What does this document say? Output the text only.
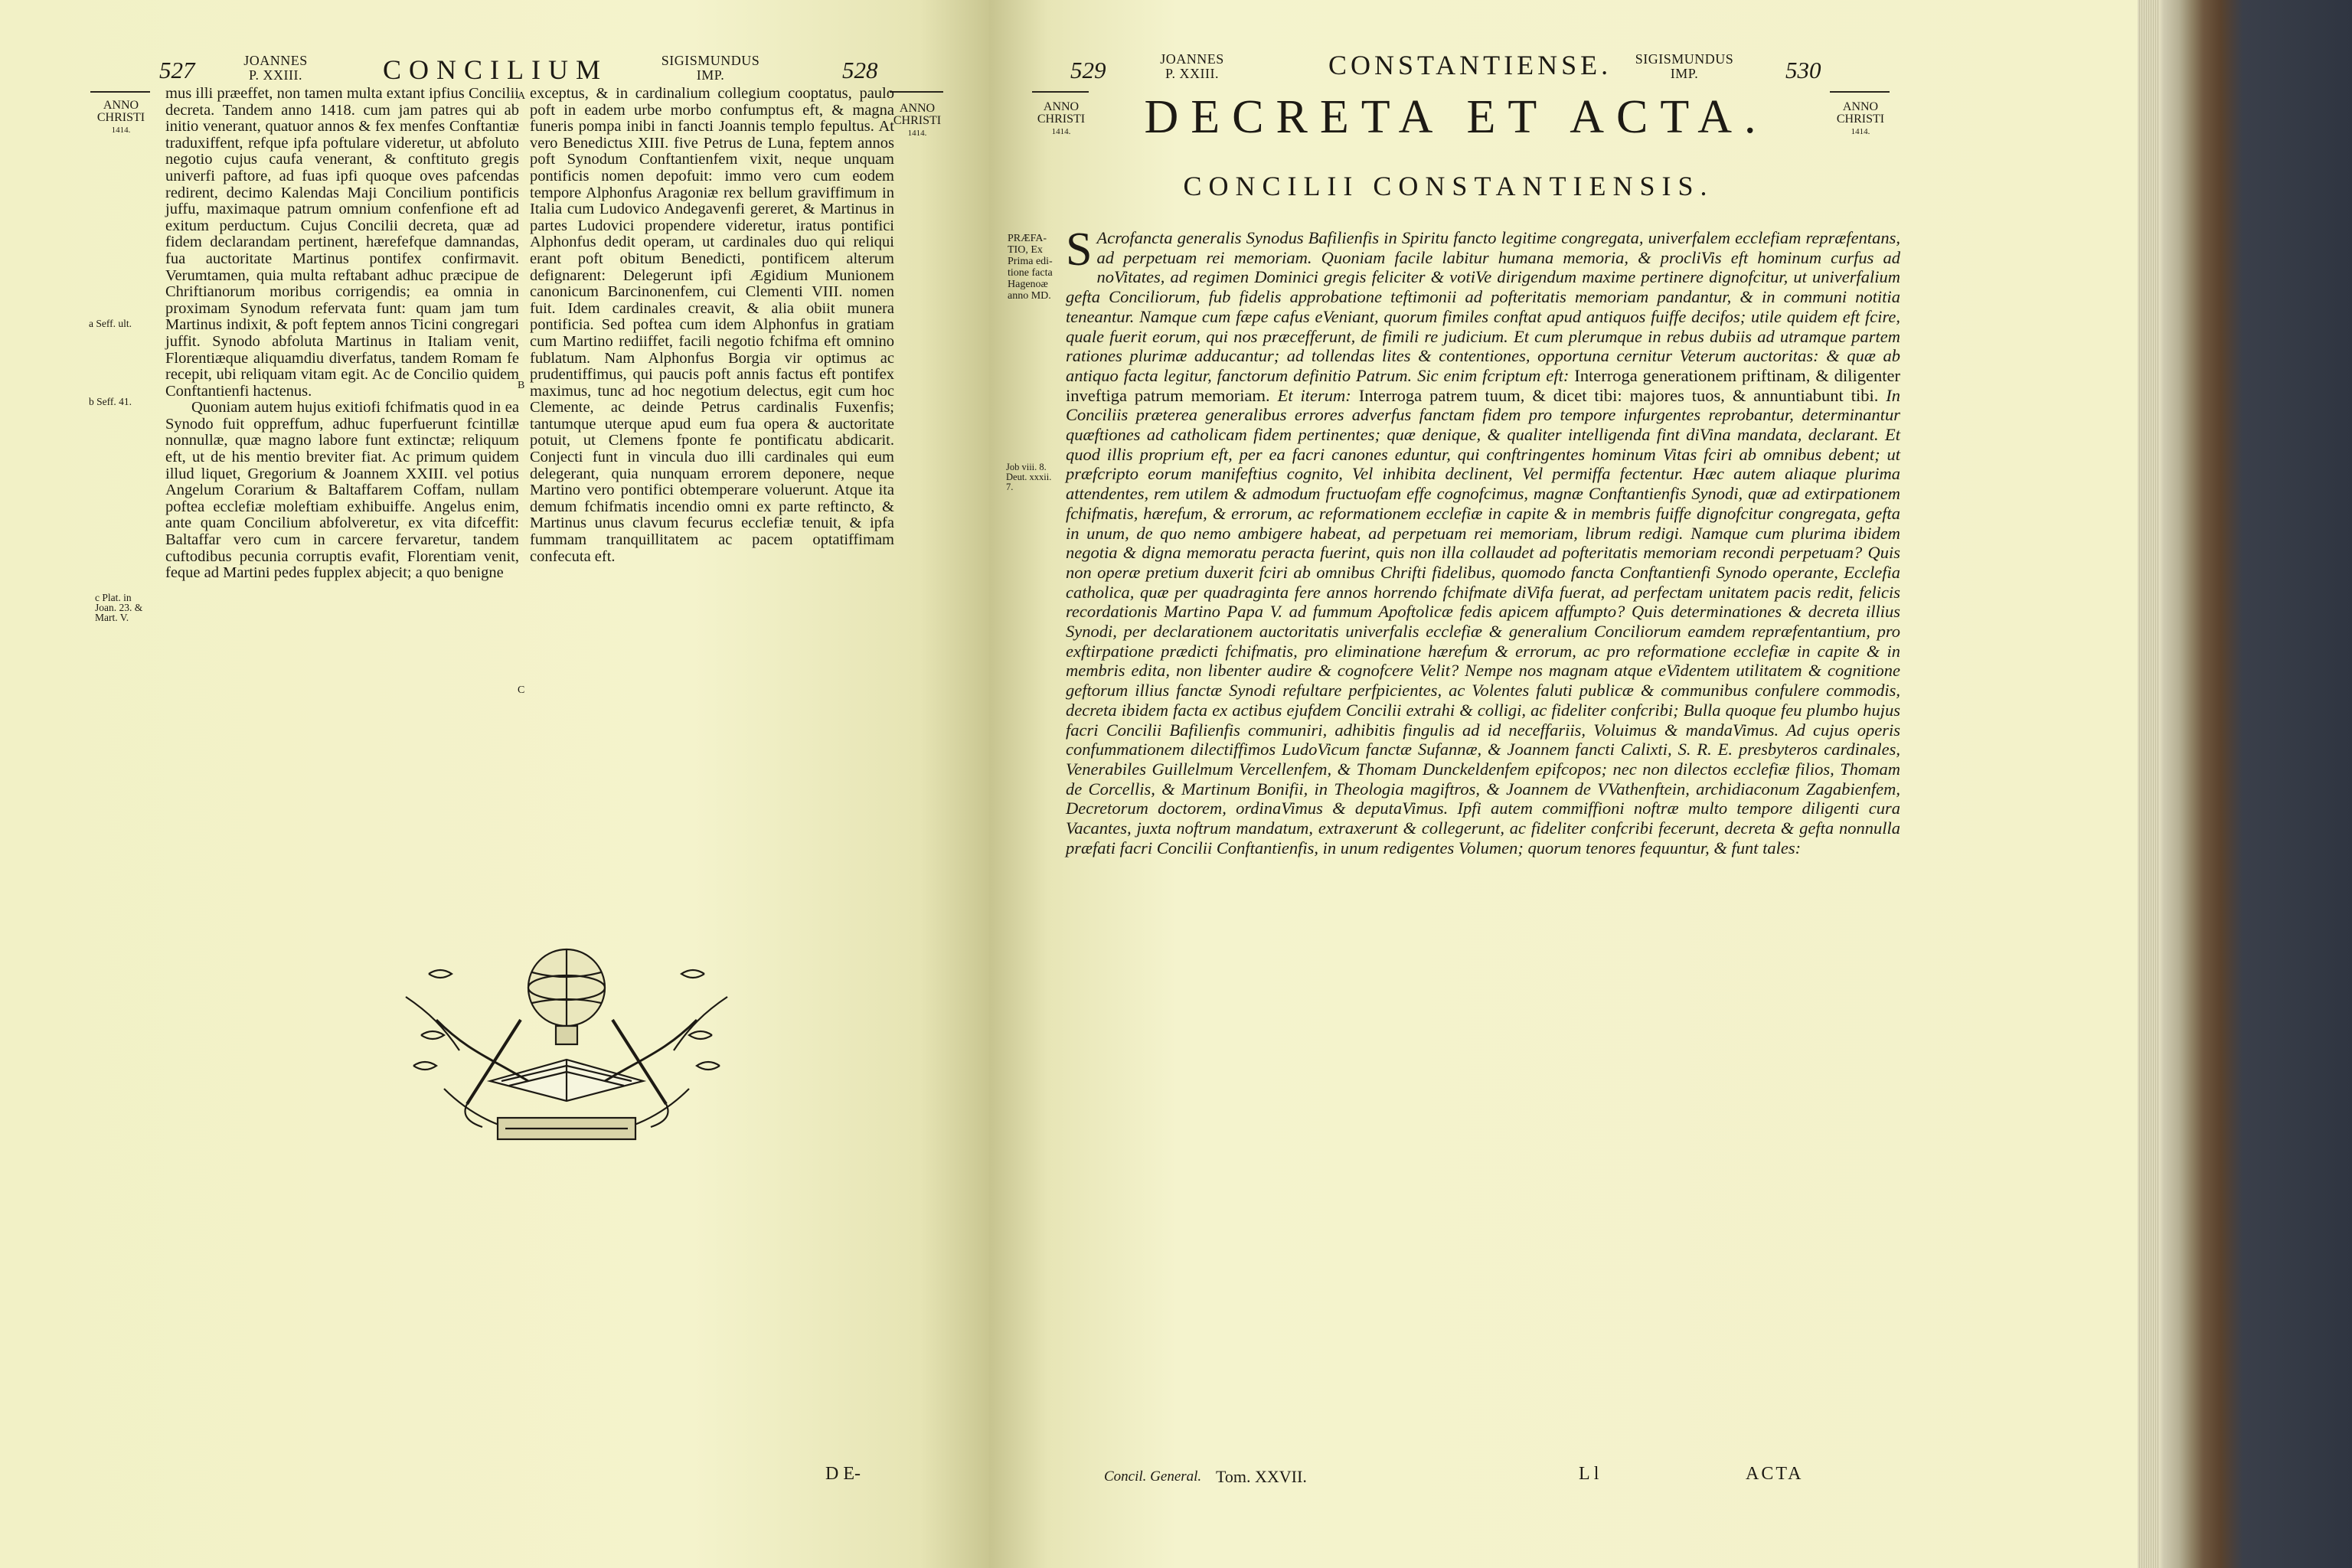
527	JOANNES
P. XXIII.	CONCILIUM	SIGISMUNDUS
IMP.	528
ANNO
CHRISTI
1414.
ANNO
CHRISTI
1414.
a Seff. ult.
b Seff. 41.
c Plat. in
Joan. 23. &
Mart. V.
A
B
C

mus illi præeffet, non tamen multa extant ipfius Concilii decreta. Tandem anno 1418. cum jam patres qui ab initio venerant, quatuor annos & fex menfes Conftantiæ traduxiffent, refque ipfa poftulare videretur, ut abfoluto negotio cujus caufa venerant, & conftituto gregis univerfi paftore, ad fuas ipfi quoque oves pafcendas redirent, decimo Kalendas Maji Concilium pontificis juffu, maximaque patrum omnium confenfione eft ad exitum perductum. Cujus Concilii decreta, quæ ad fidem declarandam pertinent, hærefefque damnandas, fua auctoritate Martinus pontifex confirmavit. Verumtamen, quia multa reftabant adhuc præcipue de Chriftianorum moribus corrigendis; ea omnia in proximam Synodum refervata funt: quam jam tum Martinus indixit, & poft feptem annos Ticini congregari juffit. Synodo abfoluta Martinus in Italiam venit, Florentiæque aliquamdiu diverfatus, tandem Romam fe recepit, ubi reliquam vitam egit. Ac de Concilio quidem Conftantienfi hactenus.

Quoniam autem hujus exitiofi fchifmatis quod in ea Synodo fuit oppreffum, adhuc fuperfuerunt fcintillæ nonnullæ, quæ magno labore funt extinctæ; reliquum eft, ut de his mentio breviter fiat. Ac primum quidem illud liquet, Gregorium & Joannem XXIII. vel potius Angelum Corarium & Baltaffarem Coffam, nullam poftea ecclefiæ moleftiam exhibuiffe. Angelus enim, ante quam Concilium abfolveretur, ex vita difceffit: Baltaffar vero cum in carcere fervaretur, tandem cuftodibus pecunia corruptis evafit, Florentiam venit, feque ad Martini pedes fupplex abjecit; a quo benigne

exceptus, & in cardinalium collegium cooptatus, paulo poft in eadem urbe morbo confumptus eft, & magna funeris pompa inibi in fancti Joannis templo fepultus. At vero Benedictus XIII. five Petrus de Luna, feptem annos poft Synodum Conftantienfem vixit, neque unquam pontificis nomen depofuit: immo vero cum eodem tempore Alphonfus Aragoniæ rex bellum graviffimum in Italia cum Ludovico Andegavenfi gereret, & Martinus in partes Ludovici propendere videretur, iratus pontifici Alphonfus dedit operam, ut cardinales duo qui reliqui erant poft obitum Benedicti, pontificem alterum defignarent: Delegerunt ipfi Ægidium Munionem canonicum Barcinonenfem, cui Clementi VIII. nomen fuit. Idem cardinales creavit, & alia obiit munera pontificia. Sed poftea cum idem Alphonfus in gratiam cum Martino rediiffet, facili negotio fchifma eft omnino fublatum. Nam Alphonfus Borgia vir optimus ac prudentiffimus, qui paucis poft annis factus eft pontifex maximus, tunc ad hoc negotium delectus, egit cum hoc Clemente, ac deinde Petrus cardinalis Fuxenfis; tantumque uterque apud eum fua opera & auctoritate potuit, ut Clemens fponte fe pontificatu abdicarit. Conjecti funt in vincula duo illi cardinales qui eum delegerant, quia nunquam errorem deponere, neque Martino vero pontifici obtemperare voluerunt. Atque ita demum fchifmatis incendio omni ex parte reftincto, & Martinus unus clavum fecurus ecclefiæ tenuit, & ipfa fummam tranquillitatem ac pacem optatiffimam confecuta eft.

D E-
529	JOANNES
P. XXIII.	CONSTANTIENSE.	SIGISMUNDUS
IMP.	530
ANNO
CHRISTI
1414.
ANNO
CHRISTI
1414.
DECRETA ET ACTA.
CONCILII CONSTANTIENSIS.
PRÆFA-
TIO, Ex
Prima edi-
tione facta
Hagenoæ
anno MD.
Job viii. 8.
Deut. xxxii.
7.

S Acrofancta generalis Synodus Bafilienfis in Spiritu fancto legitime congregata, univerfalem ecclefiam repræfentans, ad perpetuam rei memoriam. Quoniam facile labitur humana memoria, & procliVis eft hominum curfus ad noVitates, ad regimen Dominici gregis feliciter & votiVe dirigendum maxime pertinere dignofcitur, ut univerfalium gefta Conciliorum, fub fidelis approbatione teftimonii ad pofteritatis memoriam pandantur, & in communi notitia teneantur. Namque cum fæpe cafus eVeniant, quorum fimiles conftat apud antiquos fuiffe decifos; utile quidem eft fcire, quale fuerit eorum, qui nos præcefferunt, de fimili re judicium. Et cum plerumque in rebus dubiis ad utramque partem rationes plurimæ adducantur; ad tollendas lites & contentiones, opportuna cernitur Veterum auctoritas: & quæ ab antiquo facta legitur, fanctorum definitio Patrum. Sic enim fcriptum eft: Interroga generationem priftinam, & diligenter inveftiga patrum memoriam. Et iterum: Interroga patrem tuum, & dicet tibi: majores tuos, & annuntiabunt tibi. In Conciliis præterea generalibus errores adverfus fanctam fidem pro tempore infurgentes reprobantur, determinantur quæftiones ad catholicam fidem pertinentes; quæ denique, & qualiter intelligenda fint diVina mandata, declarant. Et quod illis proprium eft, per ea facri canones eduntur, qui conftringentes hominum Vitas fciri ab omnibus debent; ut præfcripto eorum manifeftius cognito, Vel inhibita declinent, Vel permiffa fectentur. Hæc autem aliaque plurima attendentes, rem utilem & admodum fructuofam effe cognofcimus, magnæ Conftantienfis Synodi, quæ ad extirpationem fchifmatis, hærefum, & errorum, ac reformationem ecclefiæ in capite & in membris fuiffe dignofcitur congregata, gefta in unum, de quo nemo ambigere habeat, ad perpetuam rei memoriam, librum redigi. Namque cum plurima ibidem negotia & digna memoratu peracta fuerint, quis non illa collaudet ad pofteritatis memoriam recondi perpetuam? Quis non operæ pretium duxerit fciri ab omnibus Chrifti fidelibus, quomodo fancta Conftantienfi Synodo operante, Ecclefia catholica, quæ per quadraginta fere annos horrendo fchifmate diVifa fuerat, ad perfectam unitatem pacis redit, felicis recordationis Martino Papa V. ad fummum Apoftolicæ fedis apicem affumpto? Quis determinationes & decreta illius Synodi, per declarationem auctoritatis univerfalis ecclefiæ & generalium Conciliorum eamdem repræfentantium, pro exftirpatione prædicti fchifmatis, pro eliminatione hærefum & errorum, ac pro reformatione ecclefiæ in capite & in membris edita, non libenter audire & cognofcere Velit? Nempe nos magnam atque eVidentem utilitatem & cognitione geftorum illius fanctæ Synodi refultare perfpicientes, ac Volentes faluti publicæ & communibus confulere commodis, decreta ibidem facta ex actibus ejufdem Concilii extrahi & colligi, ac fideliter confcribi; Bulla quoque feu plumbo hujus facri Concilii Bafilienfis communiri, adhibitis fingulis ad id neceffariis, Voluimus & mandaVimus. Ad cujus operis confummationem dilectiffimos LudoVicum fanctæ Sufannæ, & Joannem fancti Calixti, S. R. E. presbyteros cardinales, Venerabiles Guillelmum Vercellenfem, & Thomam Dunckeldenfem epifcopos; nec non dilectos ecclefiæ filios, Thomam de Corcellis, & Martinum Bonifii, in Theologia magiftros, & Joannem de VVathenftein, archidiaconum Zagabienfem, Decretorum doctorem, ordinaVimus & deputaVimus. Ipfi autem commiffioni noftræ multo tempore diligenti cura Vacantes, juxta noftrum mandatum, extraxerunt & collegerunt, ac fideliter confcribi fecerunt, decreta & gefta nonnulla præfati facri Concilii Conftantienfis, in unum redigentes Volumen; quorum tenores fequuntur, & funt tales:

Concil. General. Tom. XXVII.	L l	ACTA
